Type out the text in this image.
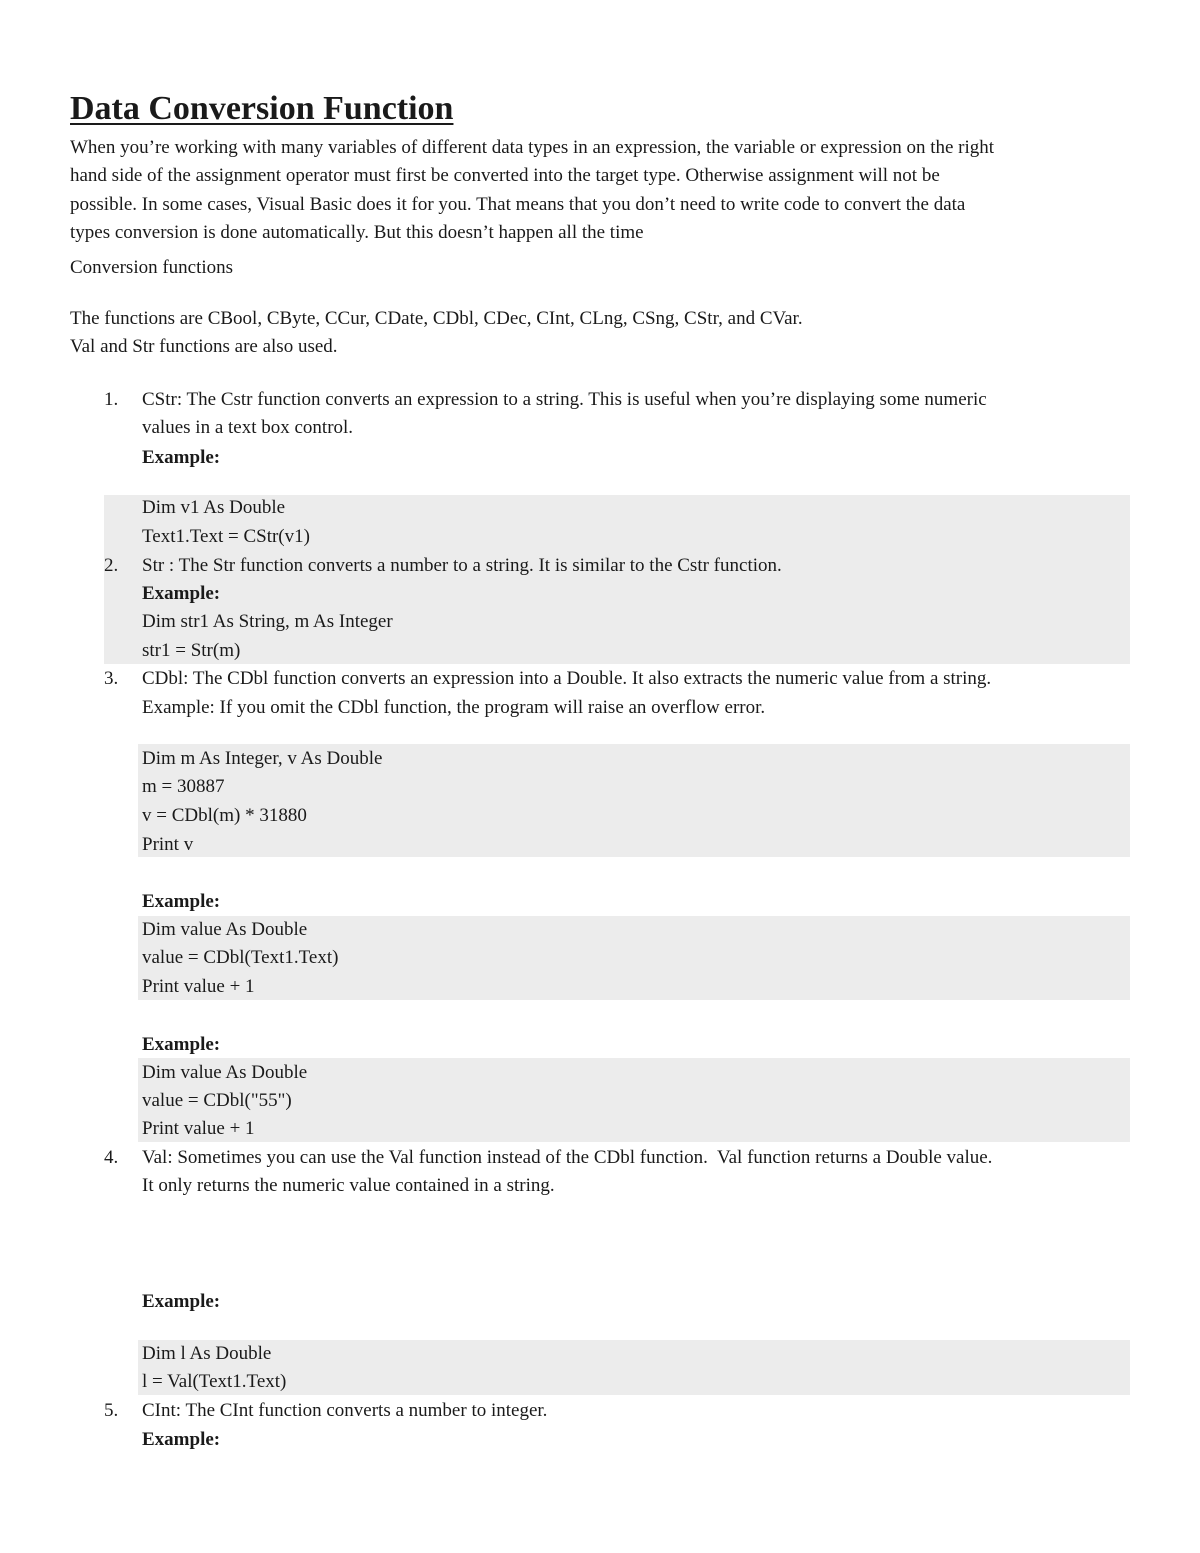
Data Conversion Function
When you’re working with many variables of different data types in an expression, the variable or expression on the right
hand side of the assignment operator must first be converted into the target type. Otherwise assignment will not be
possible. In some cases, Visual Basic does it for you. That means that you don’t need to write code to convert the data
types conversion is done automatically. But this doesn’t happen all the time
Conversion functions
The functions are CBool, CByte, CCur, CDate, CDbl, CDec, CInt, CLng, CSng, CStr, and CVar.
Val and Str functions are also used.
1. CStr: The Cstr function converts an expression to a string. This is useful when you’re displaying some numeric
values in a text box control.
Example:
Dim v1 As Double
Text1.Text = CStr(v1)
2. Str : The Str function converts a number to a string. It is similar to the Cstr function.
Example:
Dim str1 As String, m As Integer
str1 = Str(m)
3. CDbl: The CDbl function converts an expression into a Double. It also extracts the numeric value from a string.
Example: If you omit the CDbl function, the program will raise an overflow error.
Dim m As Integer, v As Double
m = 30887
v = CDbl(m) * 31880
Print v
Example:
Dim value As Double
value = CDbl(Text1.Text)
Print value + 1
Example:
Dim value As Double
value = CDbl("55")
Print value + 1
4. Val: Sometimes you can use the Val function instead of the CDbl function.  Val function returns a Double value.
It only returns the numeric value contained in a string.
Example:
Dim l As Double
l = Val(Text1.Text)
5. CInt: The CInt function converts a number to integer.
Example:
